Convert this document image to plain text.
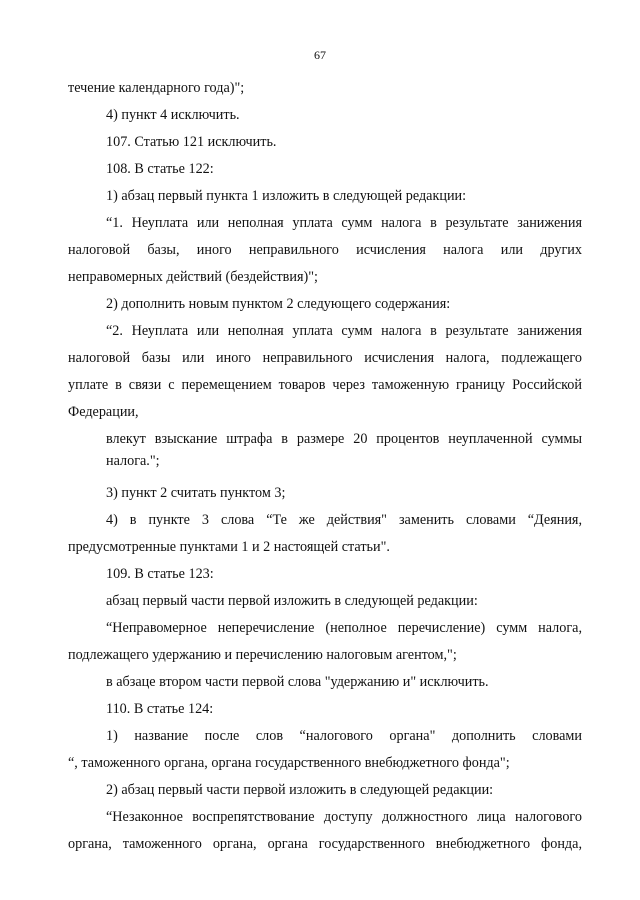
67
течение календарного года)";
4) пункт 4 исключить.
107. Статью 121 исключить.
108. В статье 122:
1) абзац первый пункта 1 изложить в следующей редакции:
“1. Неуплата или неполная уплата сумм налога в результате занижения
налоговой базы, иного неправильного исчисления налога или других
неправомерных действий (бездействия)";
2) дополнить новым пунктом 2 следующего содержания:
“2. Неуплата или неполная уплата сумм налога в результате занижения
налоговой базы или иного неправильного исчисления налога, подлежащего
уплате в связи с перемещением товаров через таможенную границу Российской
Федерации,
влекут взыскание штрафа в размере 20 процентов неуплаченной суммы
налога.";
3) пункт 2 считать пунктом 3;
4) в пункте 3 слова “Те же действия" заменить словами “Деяния,
предусмотренные пунктами 1 и 2 настоящей статьи".
109. В статье 123:
абзац первый части первой изложить в следующей редакции:
“Неправомерное неперечисление (неполное перечисление) сумм налога,
подлежащего удержанию и перечислению налоговым агентом,";
в абзаце втором части первой слова "удержанию и" исключить.
110. В статье 124:
1) название после слов “налогового органа" дополнить словами
“, таможенного органа, органа государственного внебюджетного фонда";
2) абзац первый части первой изложить в следующей редакции:
“Незаконное воспрепятствование доступу должностного лица налогового
органа, таможенного органа, органа государственного внебюджетного фонда,
